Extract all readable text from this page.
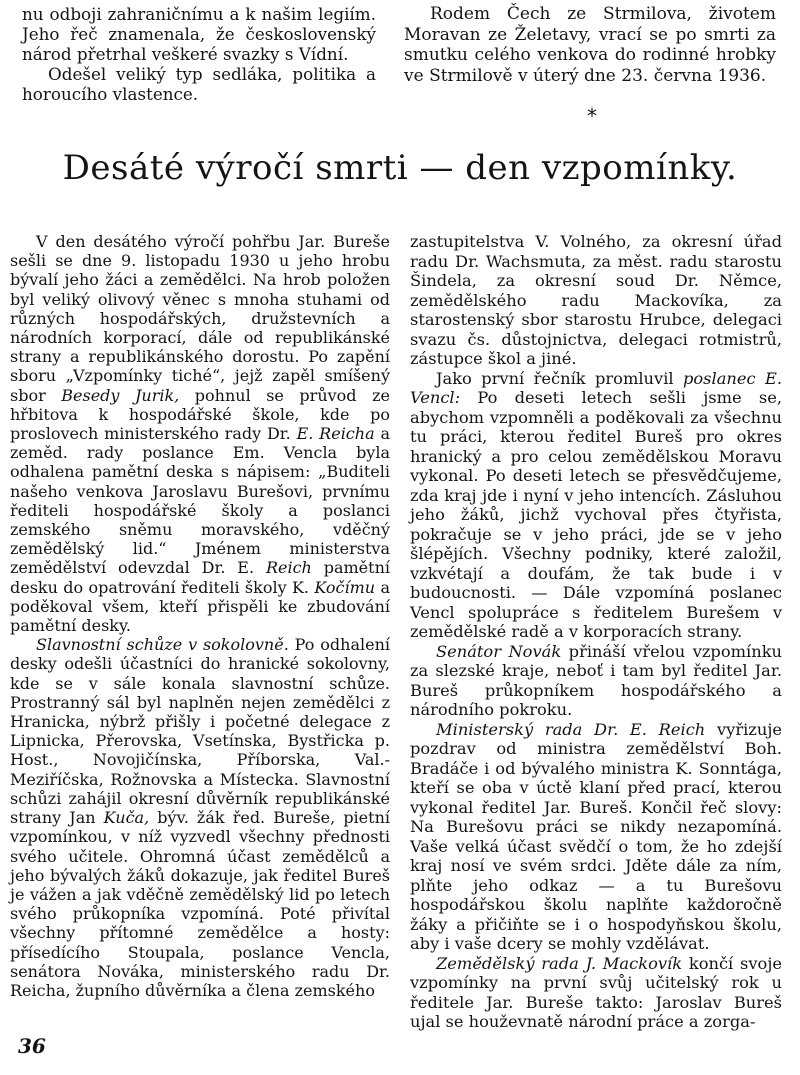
nu odboji zahraničnímu a k našim legiím. Jeho řeč znamenala, že československý národ přetrhal veškeré svazky s Vídní.

Odešel veliký typ sedláka, politika a horoucího vlastence.

Rodem Čech ze Strmilova, životem Moravan ze Želetavy, vrací se po smrti za smutku celého venkova do rodinné hrobky ve Strmilově v úterý dne 23. června 1936.

*
Desáté výročí smrti — den vzpomínky.

V den desátého výročí pohřbu Jar. Bureše sešli se dne 9. listopadu 1930 u jeho hrobu bývalí jeho žáci a zemědělci. Na hrob položen byl veliký olivový věnec s mnoha stuhami od různých hospodářských, družstevních a národních korporací, dále od republikánské strany a republikánského dorostu. Po zapění sboru „Vzpomínky tiché“, jejž zapěl smíšený sbor Besedy Jurik, pohnul se průvod ze hřbitova k hospodářské škole, kde po proslovech ministerského rady Dr. E. Reicha a zeměd. rady poslance Em. Vencla byla odhalena pamětní deska s nápisem: „Buditeli našeho venkova Jaroslavu Burešovi, prvnímu řediteli hospodářské školy a poslanci zemského sněmu moravského, vděčný zemědělský lid.“ Jménem ministerstva zemědělství odevzdal Dr. E. Reich pamětní desku do opatrování řediteli školy K. Kočímu a poděkoval všem, kteří přispěli ke zbudování pamětní desky.

Slavnostní schůze v sokolovně. Po odhalení desky odešli účastníci do hranické sokolovny, kde se v sále konala slavnostní schůze. Prostranný sál byl naplněn nejen zemědělci z Hranicka, nýbrž přišly i početné delegace z Lipnicka, Přerovska, Vsetínska, Bystřicka p. Host., Novojičínska, Příborska, Val.-Meziříčska, Rožnovska a Místecka. Slavnostní schůzi zahájil okresní důvěrník republikánské strany Jan Kuča, býv. žák řed. Bureše, pietní vzpomínkou, v níž vyzvedl všechny přednosti svého učitele. Ohromná účast zemědělců a jeho bývalých žáků dokazuje, jak ředitel Bureš je vážen a jak vděčně zemědělský lid po letech svého průkopníka vzpomíná. Poté přivítal všechny přítomné zemědělce a hosty: přísedícího Stoupala, poslance Vencla, senátora Nováka, ministerského radu Dr. Reicha, župního důvěrníka a člena zemského

zastupitelstva V. Volného, za okresní úřad radu Dr. Wachsmuta, za měst. radu starostu Šindela, za okresní soud Dr. Němce, zemědělského radu Mackovíka, za starostenský sbor starostu Hrubce, delegaci svazu čs. důstojnictva, delegaci rotmistrů, zástupce škol a jiné.

Jako první řečník promluvil poslanec E. Vencl: Po deseti letech sešli jsme se, abychom vzpomněli a poděkovali za všechnu tu práci, kterou ředitel Bureš pro okres hranický a pro celou zemědělskou Moravu vykonal. Po deseti letech se přesvědčujeme, zda kraj jde i nyní v jeho intencích. Zásluhou jeho žáků, jichž vychoval přes čtyřista, pokračuje se v jeho práci, jde se v jeho šlépějích. Všechny podniky, které založil, vzkvétají a doufám, že tak bude i v budoucnosti. — Dále vzpomíná poslanec Vencl spolupráce s ředitelem Burešem v zemědělské radě a v korporacích strany.

Senátor Novák přináší vřelou vzpomínku za slezské kraje, neboť i tam byl ředitel Jar. Bureš průkopníkem hospodářského a národního pokroku.

Ministerský rada Dr. E. Reich vyřizuje pozdrav od ministra zemědělství Boh. Bradáče i od bývalého ministra K. Sonntága, kteří se oba v úctě klaní před prací, kterou vykonal ředitel Jar. Bureš. Končil řeč slovy: Na Burešovu práci se nikdy nezapomíná. Vaše velká účast svědčí o tom, že ho zdejší kraj nosí ve svém srdci. Jděte dále za ním, plňte jeho odkaz — a tu Burešovu hospodářskou školu naplňte každoročně žáky a přičiňte se i o hospodyňskou školu, aby i vaše dcery se mohly vzdělávat.

Zemědělský rada J. Mackovík končí svoje vzpomínky na první svůj učitelský rok u ředitele Jar. Bureše takto: Jaroslav Bureš ujal se houževnatě národní práce a zorga-

36
